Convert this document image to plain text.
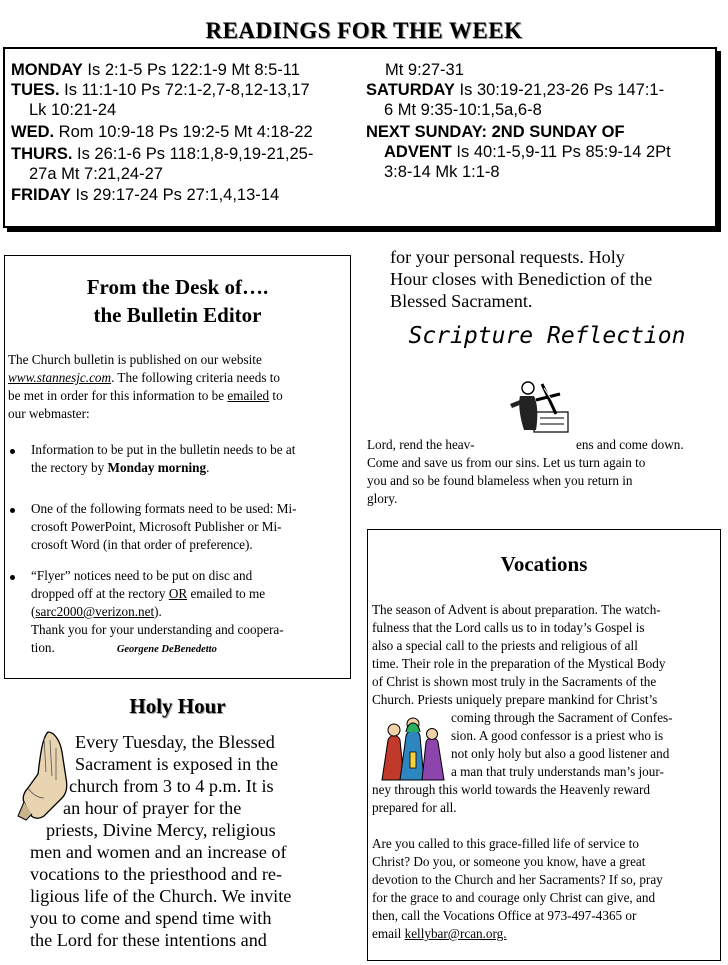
READINGS FOR THE WEEK
MONDAY Is 2:1-5 Ps 122:1-9 Mt 8:5-11
TUES. Is 11:1-10 Ps 72:1-2,7-8,12-13,17
Lk 10:21-24
WED. Rom 10:9-18 Ps 19:2-5 Mt 4:18-22
THURS. Is 26:1-6 Ps 118:1,8-9,19-21,25-
27a Mt 7:21,24-27
FRIDAY Is 29:17-24 Ps 27:1,4,13-14
Mt 9:27-31
SATURDAY Is 30:19-21,23-26 Ps 147:1-
6 Mt 9:35-10:1,5a,6-8
NEXT SUNDAY: 2ND SUNDAY OF
ADVENT Is 40:1-5,9-11 Ps 85:9-14 2Pt
3:8-14 Mk 1:1-8
From the Desk of….
the Bulletin Editor
The Church bulletin is published on our website
www.stannesjc.com. The following criteria needs to
be met in order for this information to be emailed to
our webmaster:
Information to be put in the bulletin needs to be at
the rectory by Monday morning.
One of the following formats need to be used: Mi-
crosoft PowerPoint, Microsoft Publisher or Mi-
crosoft Word (in that order of preference).
“Flyer” notices need to be put on disc and
dropped off at the rectory OR emailed to me
(sarc2000@verizon.net).
Thank you for your understanding and coopera-
tion.	Georgene DeBenedetto
Holy Hour
Every Tuesday, the Blessed
Sacrament is exposed in the
church from 3 to 4 p.m. It is
an hour of prayer for the
priests, Divine Mercy, religious
men and women and an increase of
vocations to the priesthood and re-
ligious life of the Church. We invite
you to come and spend time with
the Lord for these intentions and
for your personal requests. Holy
Hour closes with Benediction of the
Blessed Sacrament.
Scripture Reflection
Lord, rend the heav-	ens and come down.
Come and save us from our sins. Let us turn again to
you and so be found blameless when you return in
glory.
Vocations
The season of Advent is about preparation. The watch-
fulness that the Lord calls us to in today’s Gospel is
also a special call to the priests and religious of all
time. Their role in the preparation of the Mystical Body
of Christ is shown most truly in the Sacraments of the
Church. Priests uniquely prepare mankind for Christ’s
coming through the Sacrament of Confes-
sion. A good confessor is a priest who is
not only holy but also a good listener and
a man that truly understands man’s jour-
ney through this world towards the Heavenly reward
prepared for all.
Are you called to this grace-filled life of service to
Christ? Do you, or someone you know, have a great
devotion to the Church and her Sacraments? If so, pray
for the grace to and courage only Christ can give, and
then, call the Vocations Office at 973-497-4365 or
email kellybar@rcan.org.
